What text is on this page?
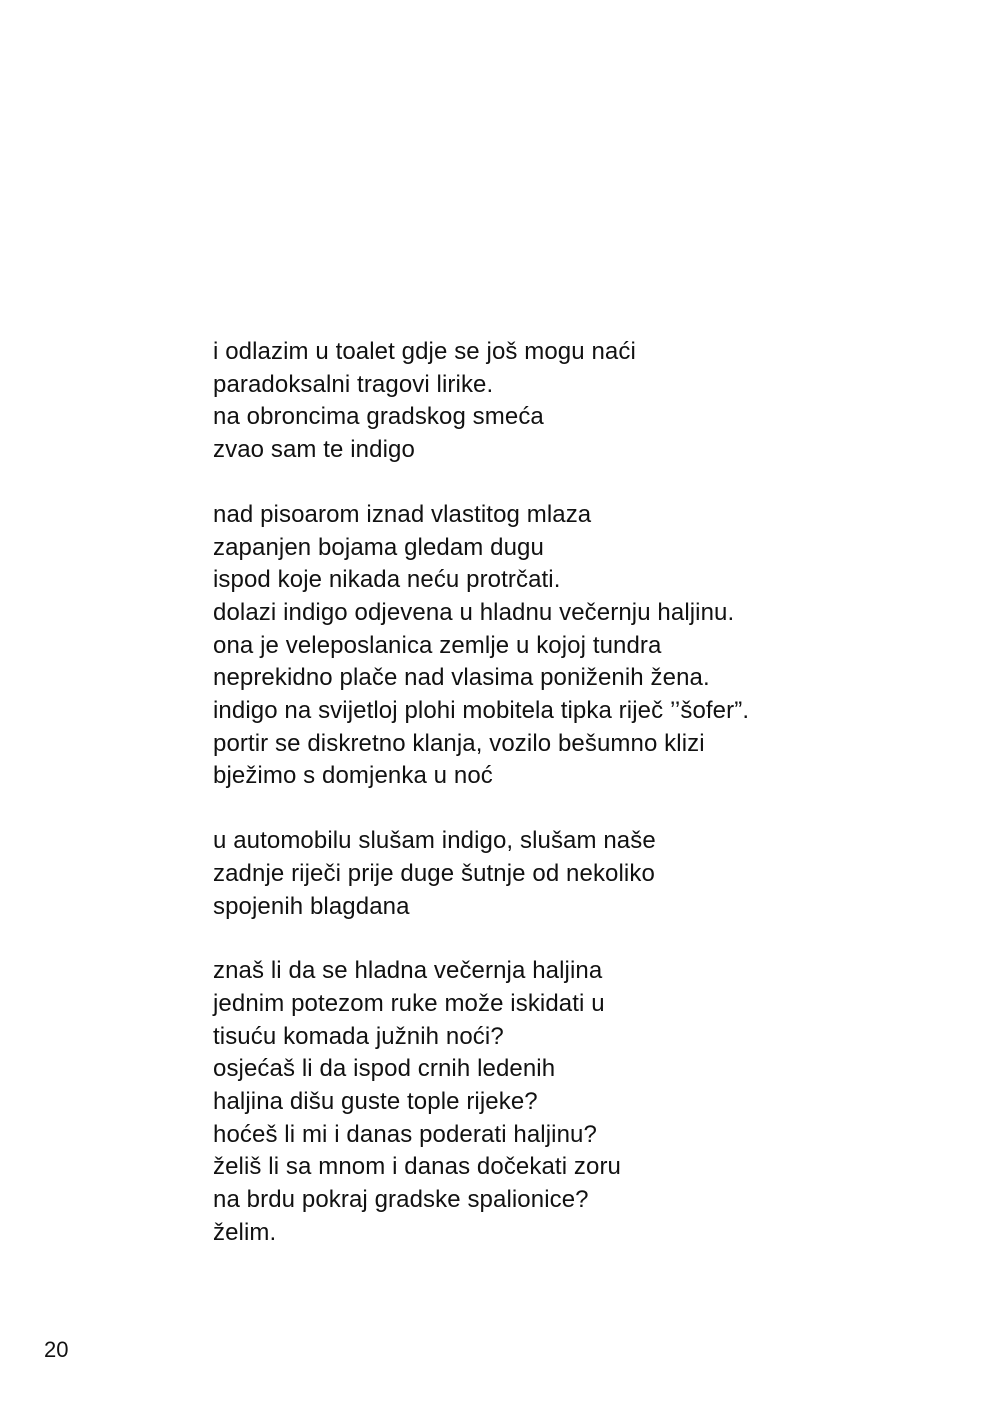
i odlazim u toalet gdje se još mogu naći
paradoksalni tragovi lirike.
na obroncima gradskog smeća
zvao sam te indigo
nad pisoarom iznad vlastitog mlaza
zapanjen bojama gledam dugu
ispod koje nikada neću protrčati.
dolazi indigo odjevena u hladnu večernju haljinu.
ona je veleposlanica zemlje u kojoj tundra
neprekidno plače nad vlasima poniženih žena.
indigo na svijetloj plohi mobitela tipka riječ ’’šofer”.
portir se diskretno klanja, vozilo bešumno klizi
bježimo s domjenka u noć
u automobilu slušam indigo, slušam naše
zadnje riječi prije duge šutnje od nekoliko
spojenih blagdana
znaš li da se hladna večernja haljina
jednim potezom ruke može iskidati u
tisuću komada južnih noći?
osjećaš li da ispod crnih ledenih
haljina dišu guste tople rijeke?
hoćeš li mi i danas poderati haljinu?
želiš li sa mnom i danas dočekati zoru
na brdu pokraj gradske spalionice?
želim.
20
